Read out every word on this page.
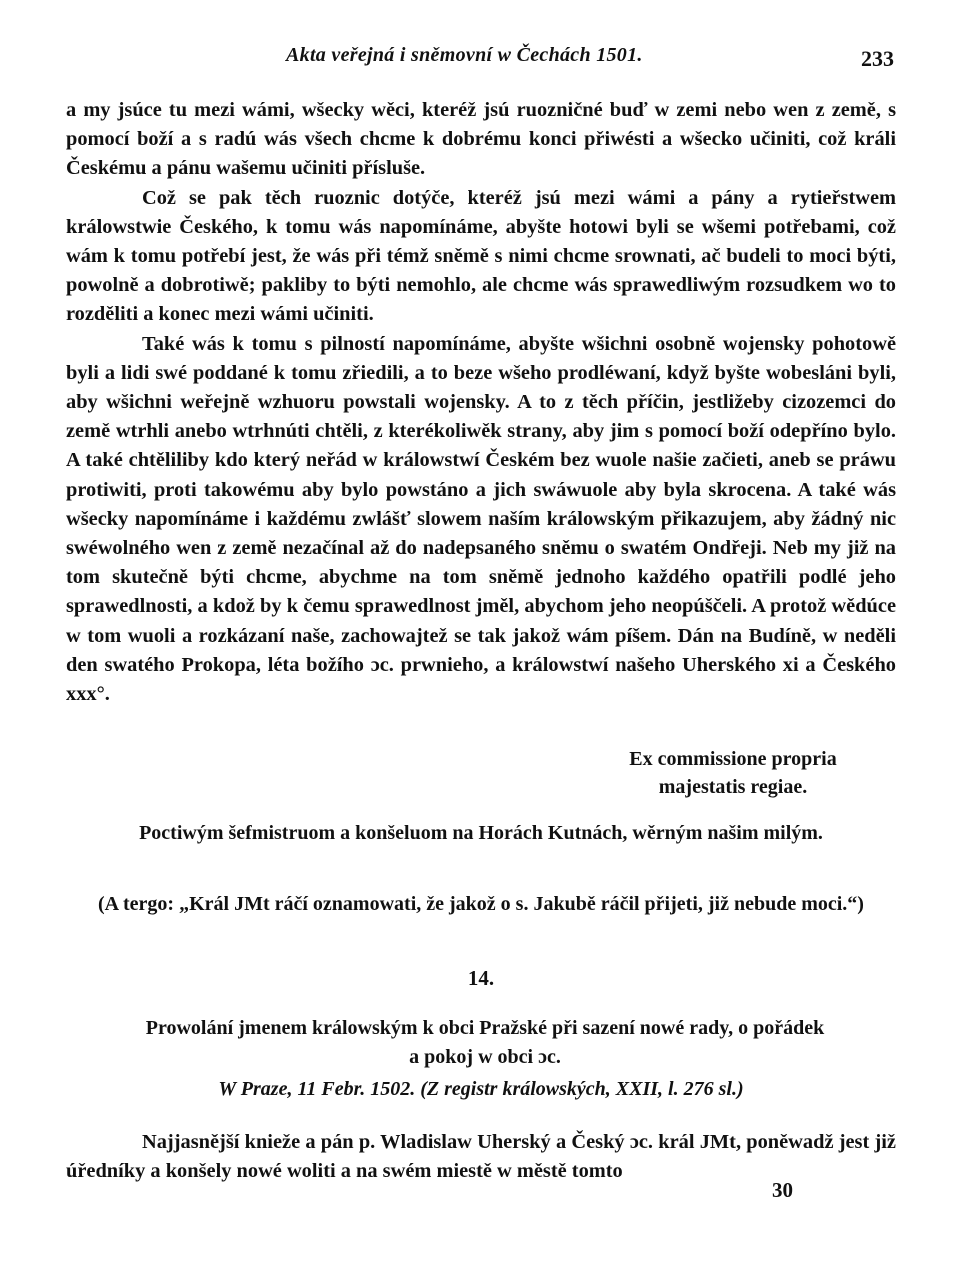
Akta veřejná i sněmovní w Čechách 1501.	233

a my jsúce tu mezi wámi, wšecky wěci, kteréž jsú ruozničné buď w zemi nebo wen z země, s pomocí boží a s radú wás všech chcme k dobrému konci přiwésti a wšecko učiniti, což králi Českému a pánu wašemu učiniti přísluše.

Což se pak těch ruoznic dotýče, kteréž jsú mezi wámi a pány a rytieřstwem králowstwie Českého, k tomu wás napomínáme, abyšte hotowi byli se wšemi potřebami, což wám k tomu potřebí jest, že wás při témž sněmě s nimi chcme srownati, ač budeli to moci býti, powolně a dobrotiwě; pakliby to býti nemohlo, ale chcme wás sprawedliwým rozsudkem wo to rozděliti a konec mezi wámi učiniti.

Také wás k tomu s pilností napomínáme, abyšte wšichni osobně wojensky pohotowě byli a lidi swé poddané k tomu zřiedili, a to beze wšeho prodléwaní, když byšte wobesláni byli, aby wšichni weřejně wzhuoru powstali wojensky. A to z těch příčin, jestližeby cizozemci do země wtrhli anebo wtrhnúti chtěli, z kterékoliwěk strany, aby jim s pomocí boží odepříno bylo. A také chtěliliby kdo který neřád w králowstwí Českém bez wuole našie začieti, aneb se práwu protiwiti, proti takowému aby bylo powstáno a jich swáwuole aby byla skrocena. A také wás wšecky napomínáme i každému zwlášť slowem naším králowským přikazujem, aby žádný nic swéwolného wen z země nezačínal až do nadepsaného sněmu o swatém Ondřeji. Neb my již na tom skutečně býti chcme, abychme na tom sněmě jednoho každého opatřili podlé jeho sprawedlnosti, a kdož by k čemu sprawedlnost jměl, abychom jeho neopúščeli. A protož wědúce w tom wuoli a rozkázaní naše, zachowajtež se tak jakož wám píšem. Dán na Budíně, w neděli den swatého Prokopa, léta božího ɔc. prwnieho, a králowstwí našeho Uherského xi a Českého xxx°.

Ex commissione propria
majestatis regiae.
Poctiwým šefmistruom a konšeluom na Horách Kutnách, wěrným našim milým.
(A tergo: „Král JMt ráčí oznamowati, že jakož o s. Jakubě ráčil přijeti, již nebude moci.“)
14.
Prowolání jmenem králowským k obci Pražské při sazení nowé rady, o pořádek
a pokoj w obci ɔc.
W Praze, 11 Febr. 1502. (Z registr králowských, XXII, l. 276 sl.)

Najjasnější knieže a pán p. Wladislaw Uherský a Český ɔc. král JMt, poněwadž jest již úředníky a konšely nowé woliti a na swém miestě w městě tomto

30
